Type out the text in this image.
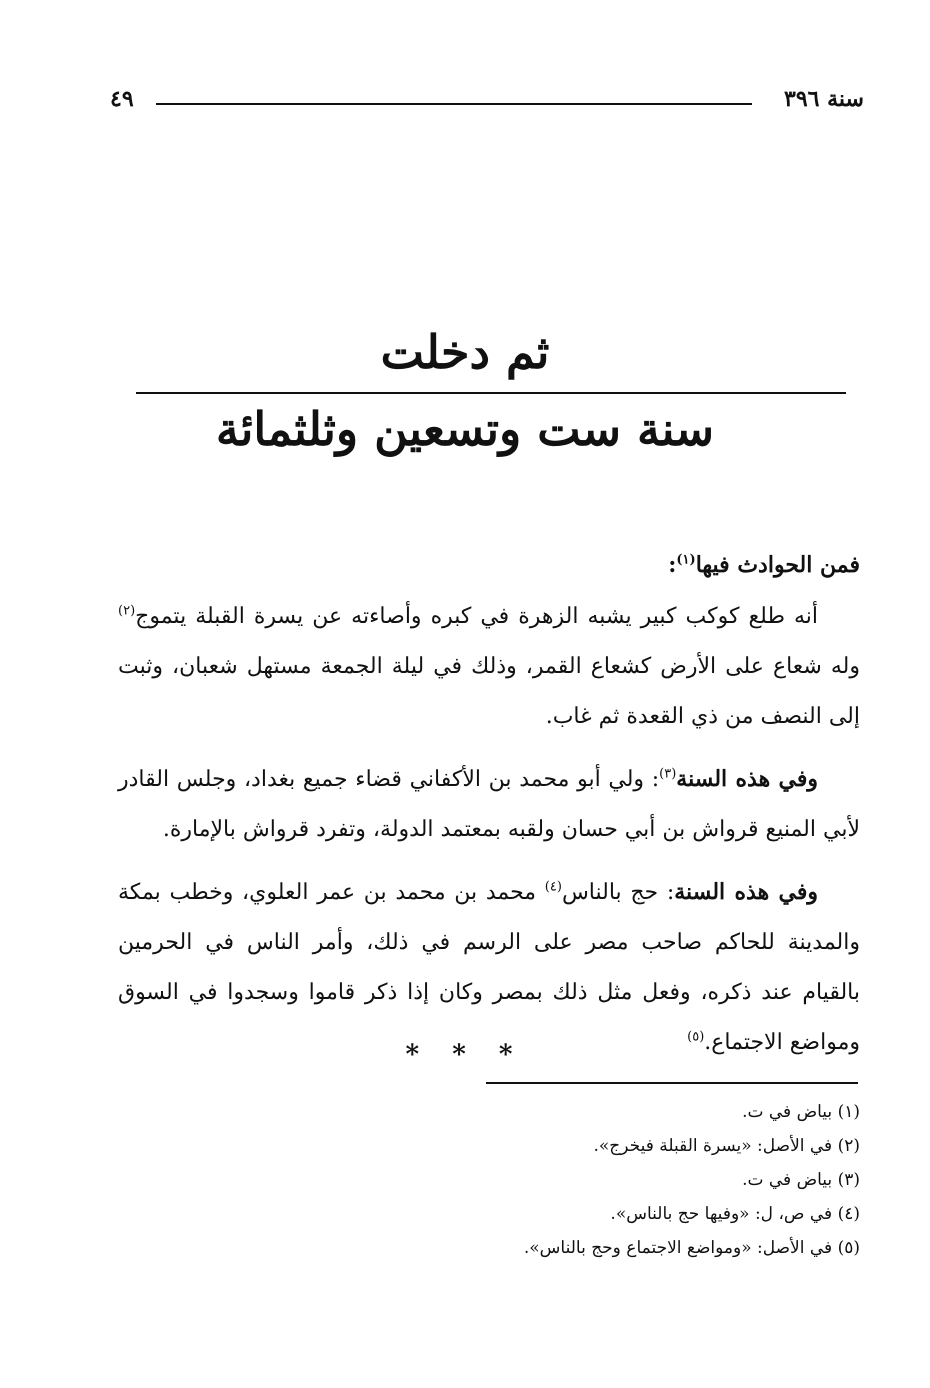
سنة ٣٩٦
٤٩
ثم دخلت
سنة ست وتسعين وثلثمائة

فمن الحوادث فيها$^{(١)}$:

أنه طلع كوكب كبير يشبه الزهرة في كبره وأصاءته عن يسرة القبلة يتموج$^{(٢)}$ وله شعاع على الأرض كشعاع القمر، وذلك في ليلة الجمعة مستهل شعبان، وثبت إلى النصف من ذي القعدة ثم غاب.

وفي هذه السنة$^{(٣)}$: ولي أبو محمد بن الأكفاني قضاء جميع بغداد، وجلس القادر لأبي المنيع قرواش بن أبي حسان ولقبه بمعتمد الدولة، وتفرد قرواش بالإمارة.

وفي هذه السنة: حج بالناس$^{(٤)}$ محمد بن محمد بن عمر العلوي، وخطب بمكة والمدينة للحاكم صاحب مصر على الرسم في ذلك، وأمر الناس في الحرمين بالقيام عند ذكره، وفعل مثل ذلك بمصر وكان إذا ذكر قاموا وسجدوا في السوق ومواضع الاجتماع.$^{(٥)}$

* * *
(١) بياض في ت.
(٢) في الأصل: «يسرة القبلة فيخرج».
(٣) بياض في ت.
(٤) في ص، ل: «وفيها حج بالناس».
(٥) في الأصل: «ومواضع الاجتماع وحج بالناس».
